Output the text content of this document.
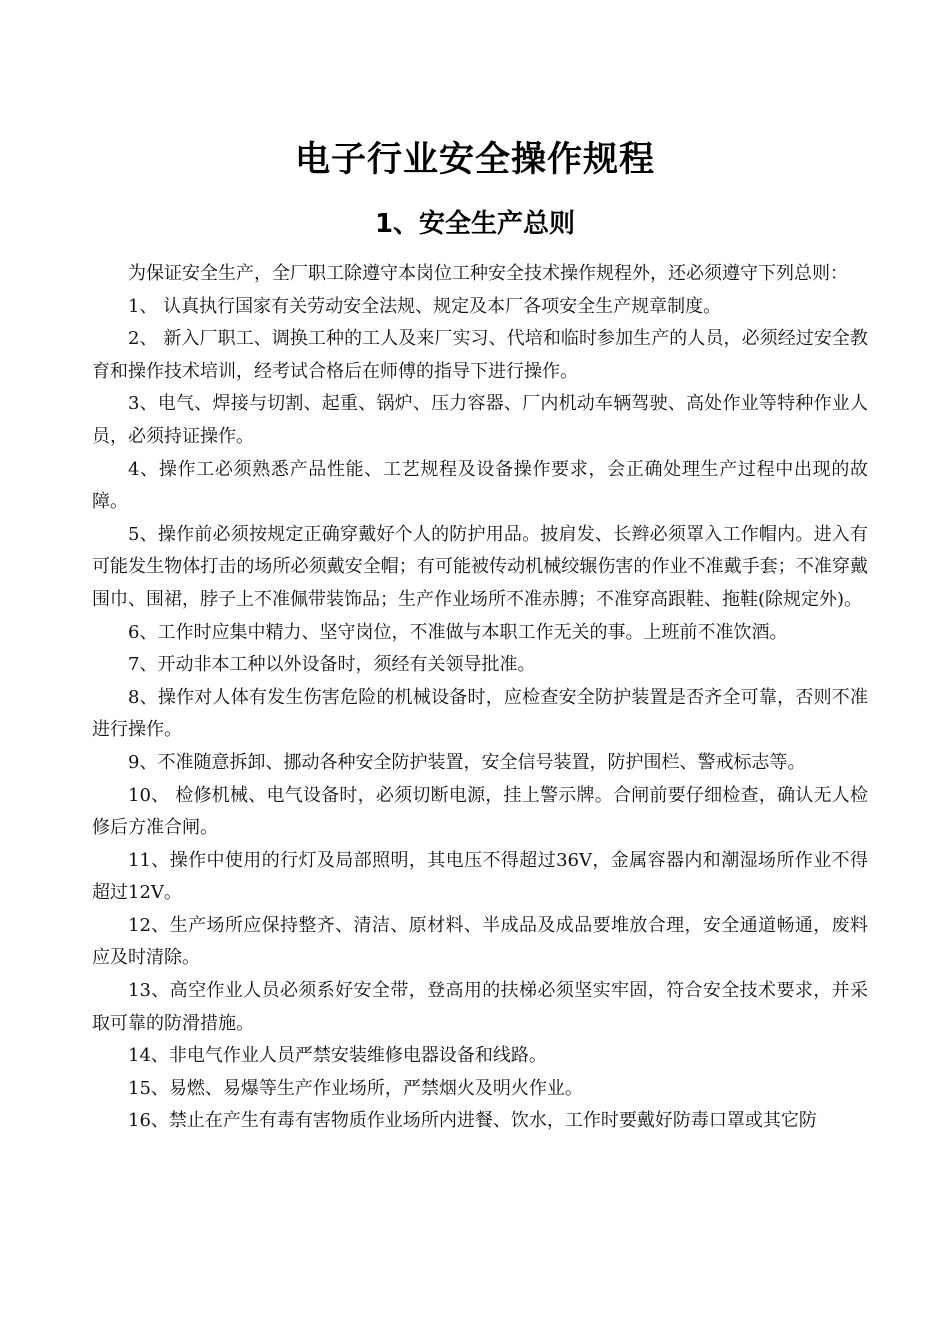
电子行业安全操作规程
1、安全生产总则

为保证安全生产，全厂职工除遵守本岗位工种安全技术操作规程外，还必须遵守下列总则：

1、 认真执行国家有关劳动安全法规、规定及本厂各项安全生产规章制度。

2、 新入厂职工、调换工种的工人及来厂实习、代培和临时参加生产的人员，必须经过安全教育和操作技术培训，经考试合格后在师傅的指导下进行操作。

3、电气、焊接与切割、起重、锅炉、压力容器、厂内机动车辆驾驶、高处作业等特种作业人员，必须持证操作。

4、操作工必须熟悉产品性能、工艺规程及设备操作要求，会正确处理生产过程中出现的故障。

5、操作前必须按规定正确穿戴好个人的防护用品。披肩发、长辫必须罩入工作帽内。进入有可能发生物体打击的场所必须戴安全帽；有可能被传动机械绞辗伤害的作业不准戴手套；不准穿戴围巾、围裙，脖子上不准佩带装饰品；生产作业场所不准赤膊；不准穿高跟鞋、拖鞋(除规定外)。

6、工作时应集中精力、坚守岗位，不准做与本职工作无关的事。上班前不准饮酒。

7、开动非本工种以外设备时，须经有关领导批准。

8、操作对人体有发生伤害危险的机械设备时，应检查安全防护装置是否齐全可靠，否则不准进行操作。

9、不准随意拆卸、挪动各种安全防护装置，安全信号装置，防护围栏、警戒标志等。

10、 检修机械、电气设备时，必须切断电源，挂上警示牌。合闸前要仔细检查，确认无人检修后方准合闸。

11、操作中使用的行灯及局部照明，其电压不得超过36V，金属容器内和潮湿场所作业不得超过12V。

12、生产场所应保持整齐、清洁、原材料、半成品及成品要堆放合理，安全通道畅通，废料应及时清除。

13、高空作业人员必须系好安全带，登高用的扶梯必须坚实牢固，符合安全技术要求，并采取可靠的防滑措施。

14、非电气作业人员严禁安装维修电器设备和线路。

15、易燃、易爆等生产作业场所，严禁烟火及明火作业。

16、禁止在产生有毒有害物质作业场所内进餐、饮水，工作时要戴好防毒口罩或其它防
